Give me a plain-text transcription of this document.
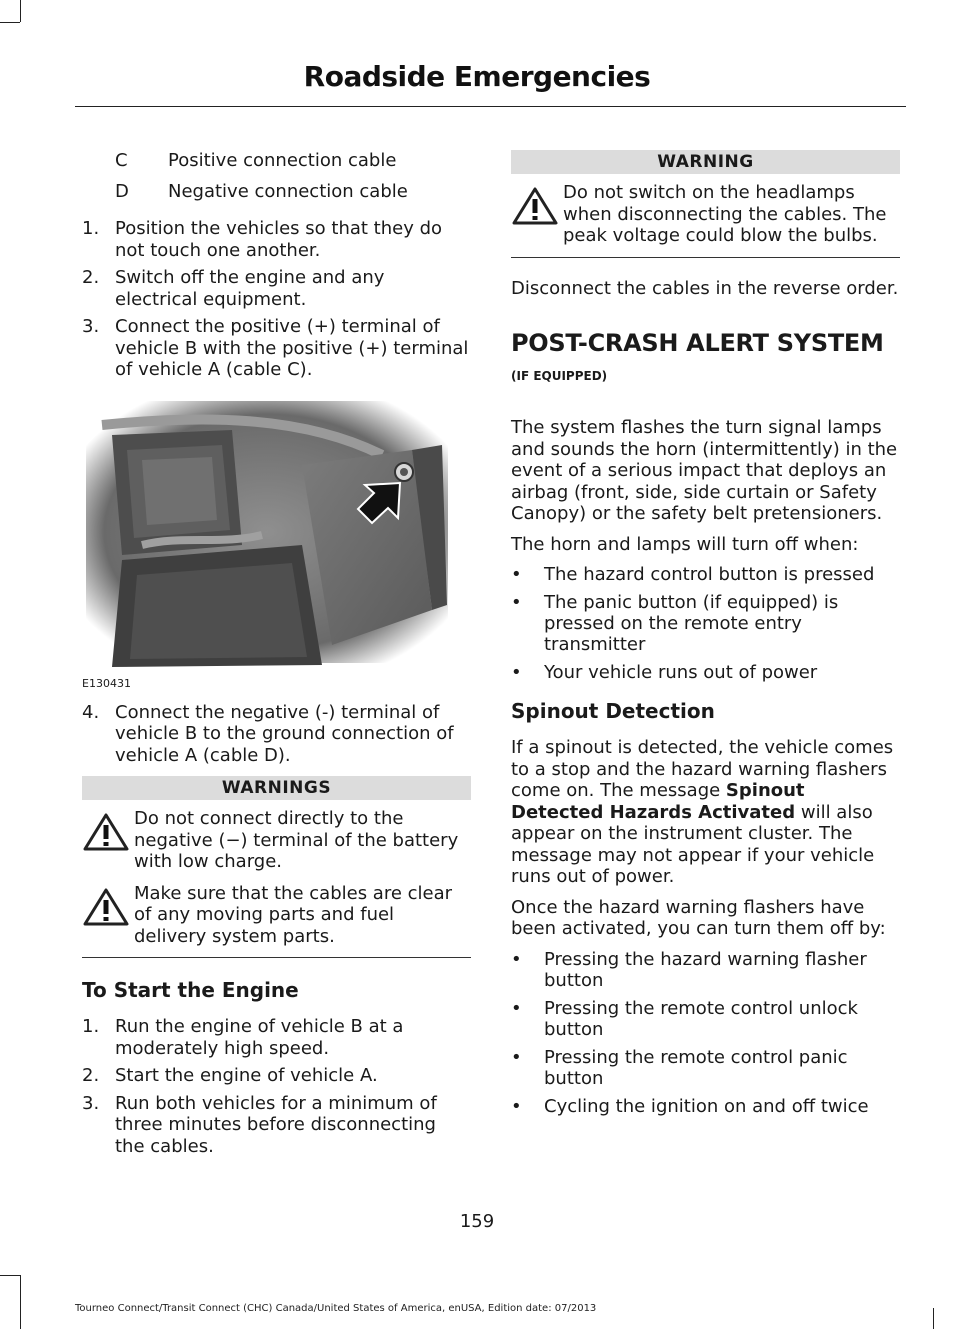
Roadside Emergencies
C	Positive connection cable
D	Negative connection cable
1. Position the vehicles so that they do not touch one another.
2. Switch off the engine and any electrical equipment.
3. Connect the positive (+) terminal of vehicle B with the positive (+) terminal of vehicle A (cable C).
E130431
4. Connect the negative (-) terminal of vehicle B to the ground connection of vehicle A (cable D).
WARNINGS
Do not connect directly to the negative (−) terminal of the battery with low charge.
Make sure that the cables are clear of any moving parts and fuel delivery system parts.
To Start the Engine
1. Run the engine of vehicle B at a moderately high speed.
2. Start the engine of vehicle A.
3. Run both vehicles for a minimum of three minutes before disconnecting the cables.
WARNING
Do not switch on the headlamps when disconnecting the cables. The peak voltage could blow the bulbs.

Disconnect the cables in the reverse order.

POST-CRASH ALERT SYSTEM
(IF EQUIPPED)

The system flashes the turn signal lamps and sounds the horn (intermittently) in the event of a serious impact that deploys an airbag (front, side, side curtain or Safety Canopy) or the safety belt pretensioners.

The horn and lamps will turn off when:

•	The hazard control button is pressed
•	The panic button (if equipped) is pressed on the remote entry transmitter
•	Your vehicle runs out of power
Spinout Detection

If a spinout is detected, the vehicle comes to a stop and the hazard warning flashers come on. The message Spinout Detected Hazards Activated will also appear on the instrument cluster. The message may not appear if your vehicle runs out of power.

Once the hazard warning flashers have been activated, you can turn them off by:

•	Pressing the hazard warning flasher button
•	Pressing the remote control unlock button
•	Pressing the remote control panic button
•	Cycling the ignition on and off twice
159
Tourneo Connect/Transit Connect (CHC) Canada/United States of America, enUSA, Edition date: 07/2013
